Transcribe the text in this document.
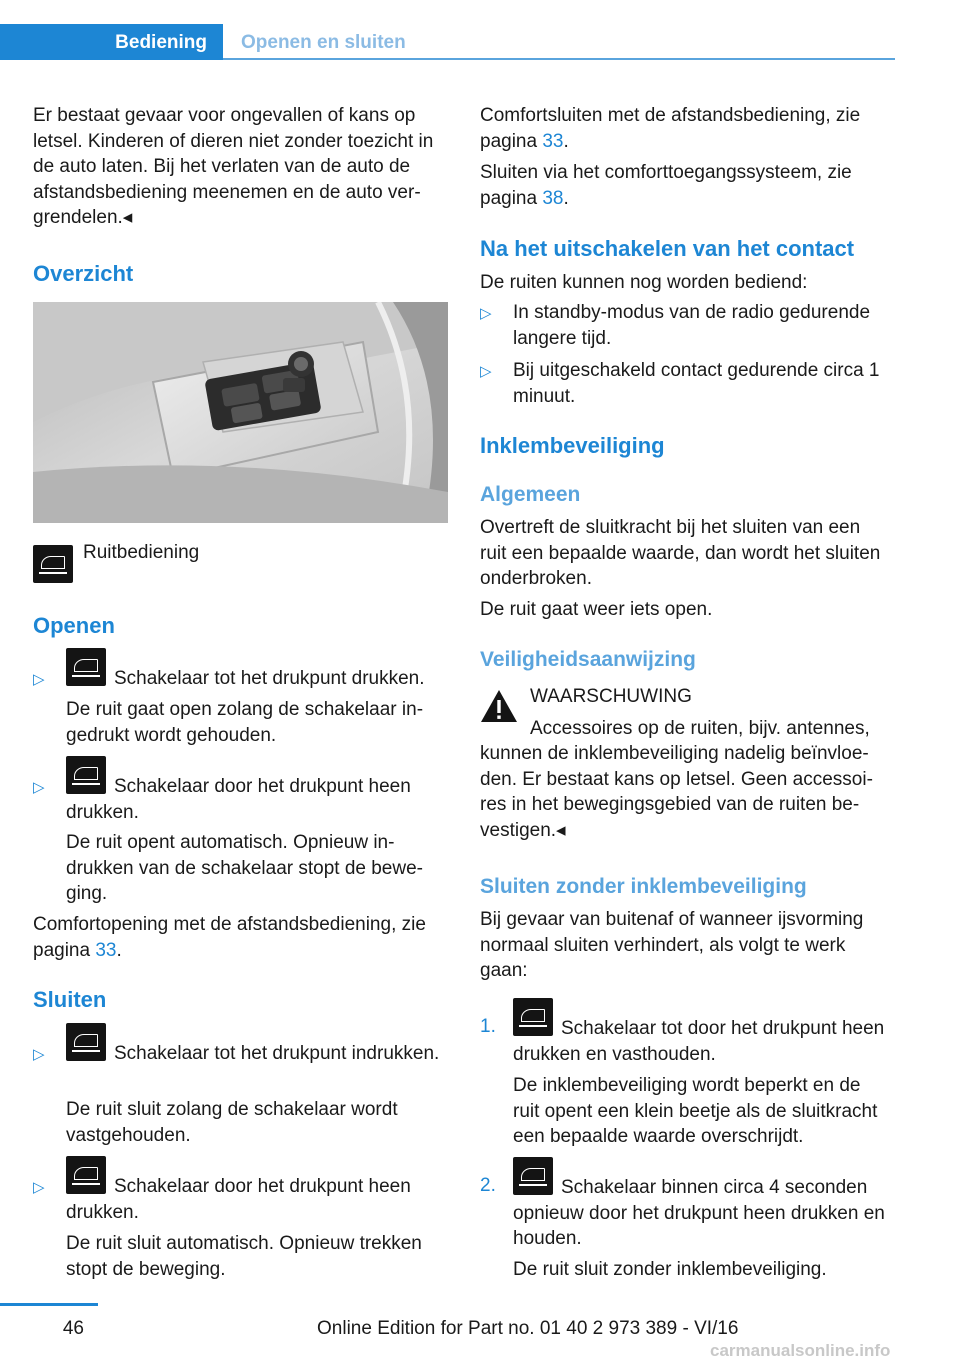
Bediening	Openen en sluiten

Er bestaat gevaar voor ongevallen of kans op letsel. Kinderen of dieren niet zonder toezicht in de auto laten. Bij het verlaten van de auto de afstandsbediening meenemen en de auto vergrendelen.◂

Overzicht

Ruitbediening

Openen
▷	Schakelaar tot het drukpunt drukken.

De ruit gaat open zolang de schakelaar ingedrukt wordt gehouden.

▷	Schakelaar door het drukpunt heen drukken.

De ruit opent automatisch. Opnieuw indrukken van de schakelaar stopt de beweging.

Comfortopening met de afstandsbediening, zie pagina 33.

Sluiten
▷	Schakelaar tot het drukpunt indrukken.

De ruit sluit zolang de schakelaar wordt vastgehouden.

▷	Schakelaar door het drukpunt heen drukken.

De ruit sluit automatisch. Opnieuw trekken stopt de beweging.

Comfortsluiten met de afstandsbediening, zie pagina 33.

Sluiten via het comforttoegangssysteem, zie pagina 38.

Na het uitschakelen van het contact

De ruiten kunnen nog worden bediend:

▷ In standby-modus van de radio gedurende langere tijd.

▷ Bij uitgeschakeld contact gedurende circa 1 minuut.

Inklembeveiliging
Algemeen

Overtreft de sluitkracht bij het sluiten van een ruit een bepaalde waarde, dan wordt het sluiten onderbroken.

De ruit gaat weer iets open.

Veiligheidsaanwijzing

WAARSCHUWING

Accessoires op de ruiten, bijv. antennes,

kunnen de inklembeveiliging nadelig beïnvloeden. Er bestaat kans op letsel. Geen accessoires in het bewegingsgebied van de ruiten bevestigen.◂

Sluiten zonder inklembeveiliging

Bij gevaar van buitenaf of wanneer ijsvorming normaal sluiten verhindert, als volgt te werk gaan:

1.	Schakelaar tot door het drukpunt heen drukken en vasthouden.

De inklembeveiliging wordt beperkt en de ruit opent een klein beetje als de sluitkracht een bepaalde waarde overschrijdt.

2.	Schakelaar binnen circa 4 seconden opnieuw door het drukpunt heen drukken en houden.

De ruit sluit zonder inklembeveiliging.

46	Online Edition for Part no. 01 40 2 973 389 - VI/16
carmanualsonline.info
